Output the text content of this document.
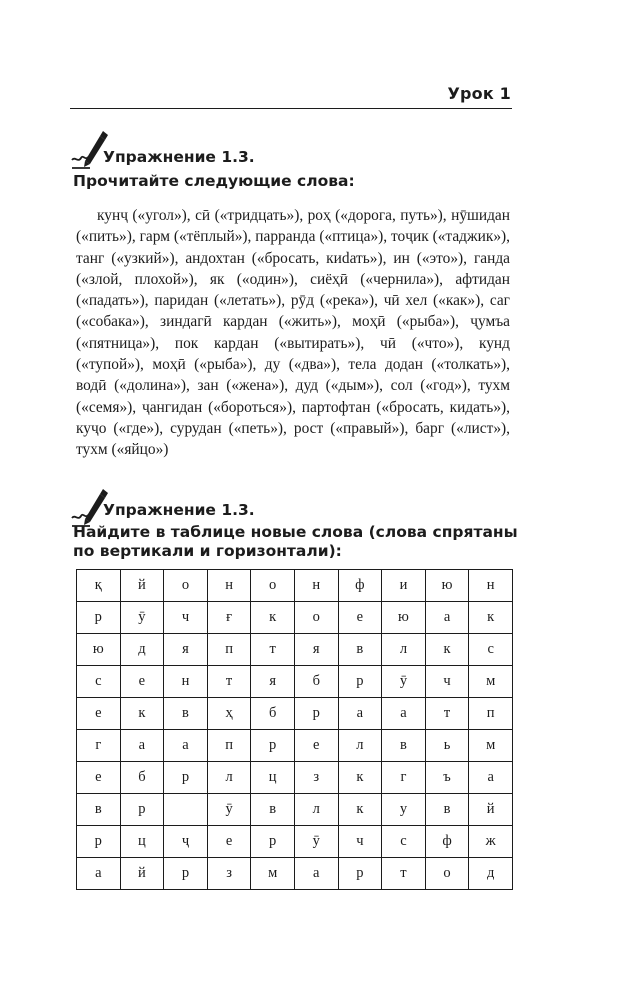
Урок 1
Упражнение 1.3.
Прочитайте следующие слова:
кунҷ («угол»), сӣ («тридцать»), роҳ («дорога, путь»), нӯшидан («пить»), гарм («тёплый»), парранда («птица»), тоҷик («таджик»), танг («узкий»), андохтан («бросать, киdать»), ин («это»), ганда («злой, плохой»), як («один»), сиёҳӣ («чернила»), афтидан («падать»), паридан («летать»), рӯд («река»), чӣ хел («как»), саг («собака»), зиндагӣ кардан («жить»), моҳӣ («рыба»), ҷумъа («пятница»), пок кардан («вытирать»), чӣ («что»), кунд («тупой»), моҳӣ («рыба»), ду («два»), тела додан («толкать»), водӣ («долина»), зан («жена»), дуд («дым»), сол («год»), тухм («семя»), ҷангидан («бороться»), партофтан («бросать, кидать»), куҷо («где»), сурудан («петь»), рост («правый»), барг («лист»), тухм («яйцо»)
Упражнение 1.3.
Найдите в таблице новые слова (слова спрятаны
по вертикали и горизонтали):
қ	й	о	н	о	н	ф	и	ю	н
р	ӯ	ч	ғ	к	о	е	ю	а	к
ю	д	я	п	т	я	в	л	к	с
с	е	н	т	я	б	р	ӯ	ч	м
е	к	в	ҳ	б	р	а	а	т	п
г	а	а	п	р	е	л	в	ь	м
е	б	р	л	ц	з	к	г	ъ	а
в	р		ӯ	в	л	к	у	в	й
р	ц	ҷ	е	р	ӯ	ч	с	ф	ж
а	й	р	з	м	а	р	т	о	д
